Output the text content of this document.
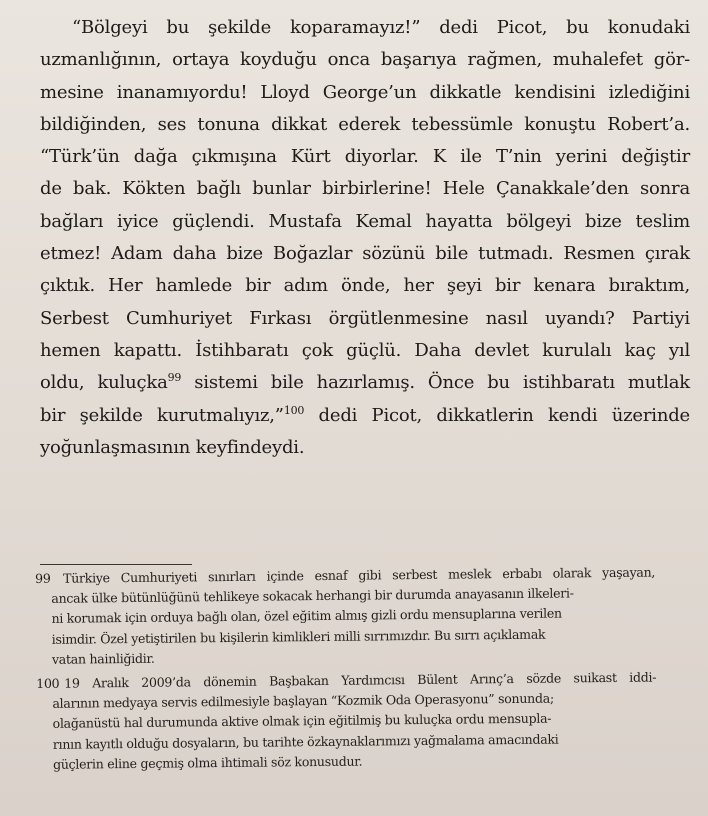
“Bölgeyi bu şekilde koparamayız!” dedi Picot, bu konudaki
uzmanlığının, ortaya koyduğu onca başarıya rağmen, muhalefet gör-
mesine inanamıyordu! Lloyd George’un dikkatle kendisini izlediğini
bildiğinden, ses tonuna dikkat ederek tebessümle konuştu Robert’a.
“Türk’ün dağa çıkmışına Kürt diyorlar. K ile T’nin yerini değiştir
de bak. Kökten bağlı bunlar birbirlerine! Hele Çanakkale’den sonra
bağları iyice güçlendi. Mustafa Kemal hayatta bölgeyi bize teslim
etmez! Adam daha bize Boğazlar sözünü bile tutmadı. Resmen çırak
çıktık. Her hamlede bir adım önde, her şeyi bir kenara bıraktım,
Serbest Cumhuriyet Fırkası örgütlenmesine nasıl uyandı? Partiyi
hemen kapattı. İstihbaratı çok güçlü. Daha devlet kurulalı kaç yıl
oldu, kuluçka$^{99}$ sistemi bile hazırlamış. Önce bu istihbaratı mutlak
bir şekilde kurutmalıyız,”$^{100}$ dedi Picot, dikkatlerin kendi üzerinde
yoğunlaşmasının keyfindeydi.
99 Türkiye Cumhuriyeti sınırları içinde esnaf gibi serbest meslek erbabı olarak yaşayan,
ancak ülke bütünlüğünü tehlikeye sokacak herhangi bir durumda anayasanın ilkeleri-
ni korumak için orduya bağlı olan, özel eğitim almış gizli ordu mensuplarına verilen
isimdir. Özel yetiştirilen bu kişilerin kimlikleri milli sırrımızdır. Bu sırrı açıklamak
vatan hainliğidir.
100 19 Aralık 2009’da dönemin Başbakan Yardımcısı Bülent Arınç’a sözde suikast iddi-
alarının medyaya servis edilmesiyle başlayan “Kozmik Oda Operasyonu” sonunda;
olağanüstü hal durumunda aktive olmak için eğitilmiş bu kuluçka ordu mensupla-
rının kayıtlı olduğu dosyaların, bu tarihte özkaynaklarımızı yağmalama amacındaki
güçlerin eline geçmiş olma ihtimali söz konusudur.
